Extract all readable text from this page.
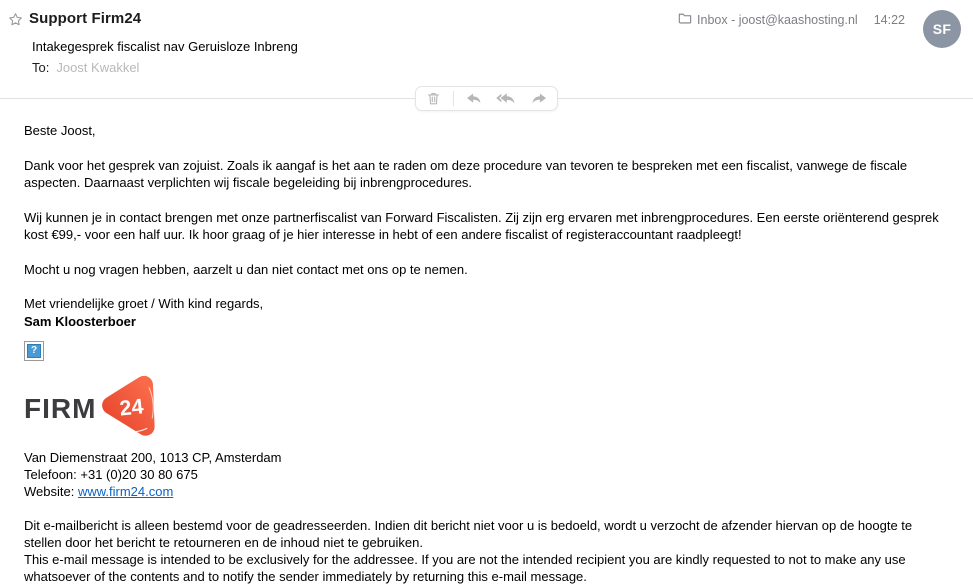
Support Firm24	Inbox - joost@kaashosting.nl 14:22
SF
Intakegesprek fiscalist nav Geruisloze Inbreng
To: Joost Kwakkel

Beste Joost,

Dank voor het gesprek van zojuist. Zoals ik aangaf is het aan te raden om deze procedure van tevoren te bespreken met een fiscalist, vanwege de fiscale aspecten. Daarnaast verplichten wij fiscale begeleiding bij inbrengprocedures.

Wij kunnen je in contact brengen met onze partnerfiscalist van Forward Fiscalisten. Zij zijn erg ervaren met inbrengprocedures. Een eerste oriënterend gesprek kost €99,- voor een half uur. Ik hoor graag of je hier interesse in hebt of een andere fiscalist of registeraccountant raadpleegt!

Mocht u nog vragen hebben, aarzelt u dan niet contact met ons op te nemen.

Met vriendelijke groet / With kind regards,
Sam Kloosterboer

?
FIRM 24
Van Diemenstraat 200, 1013 CP, Amsterdam
Telefoon: +31 (0)20 30 80 675
Website: www.firm24.com
Dit e-mailbericht is alleen bestemd voor de geadresseerden. Indien dit bericht niet voor u is bedoeld, wordt u verzocht de afzender hiervan op de hoogte te stellen door het bericht te retourneren en de inhoud niet te gebruiken.
This e-mail message is intended to be exclusively for the addressee. If you are not the intended recipient you are kindly requested to not to make any use whatsoever of the contents and to notify the sender immediately by returning this e-mail message.
